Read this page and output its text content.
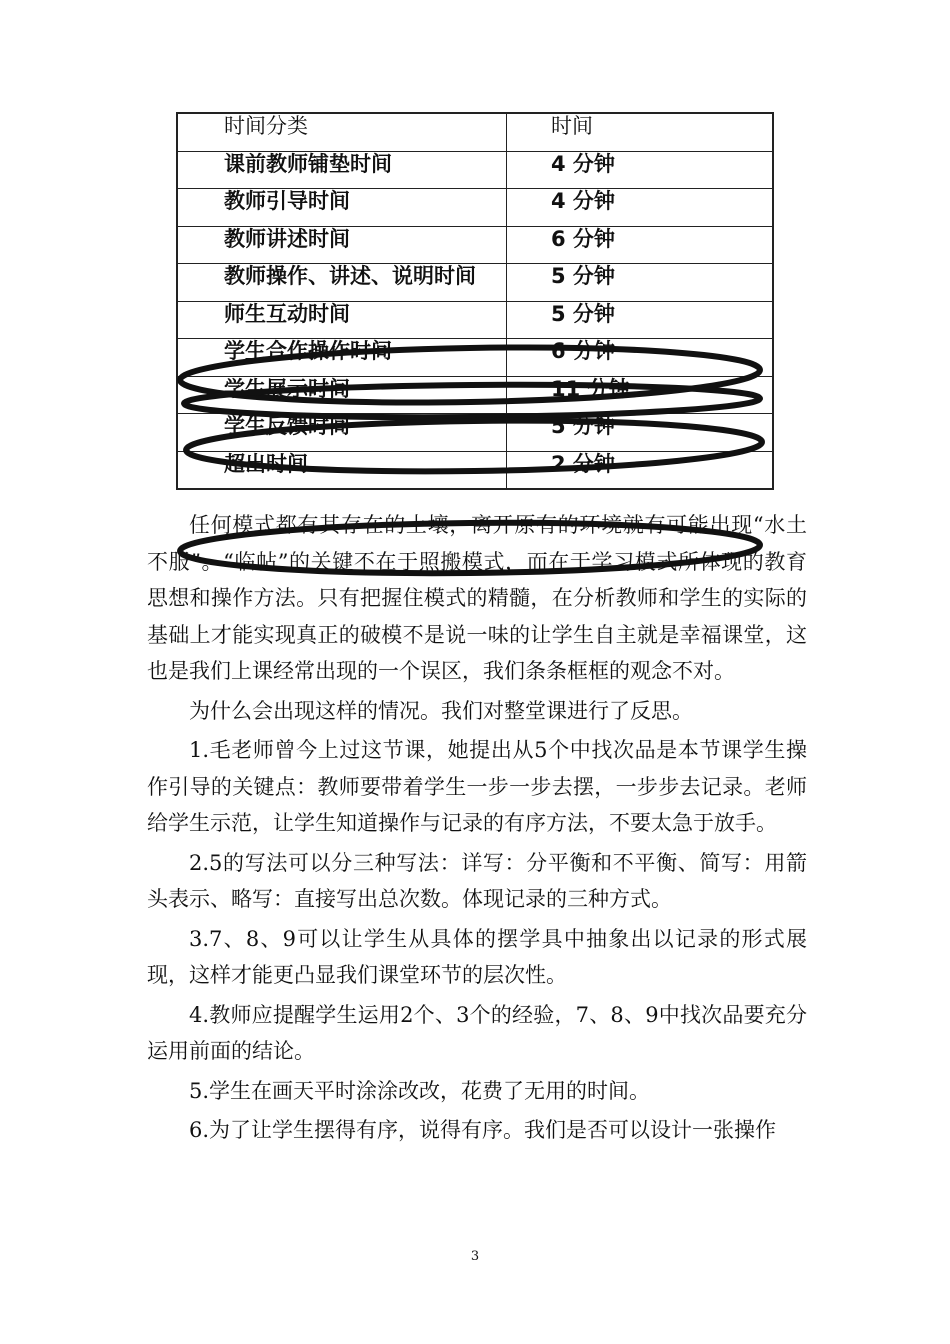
时间分类	时间

课前教师铺垫时间	4 分钟

教师引导时间	4 分钟

教师讲述时间	6 分钟

教师操作、讲述、说明时间	5 分钟

师生互动时间	5 分钟

学生合作操作时间	6 分钟

学生展示时间	11 分钟

学生反馈时间	5 分钟

超出时间	2 分钟

任何模式都有其存在的土壤，离开原有的环境就有可能出现“水土不服”。“临帖”的关键不在于照搬模式，而在于学习模式所体现的教育思想和操作方法。只有把握住模式的精髓，在分析教师和学生的实际的基础上才能实现真正的破模不是说一味的让学生自主就是幸福课堂，这也是我们上课经常出现的一个误区，我们条条框框的观念不对。

为什么会出现这样的情况。我们对整堂课进行了反思。

1.毛老师曾今上过这节课，她提出从5个中找次品是本节课学生操作引导的关键点：教师要带着学生一步一步去摆，一步步去记录。老师给学生示范，让学生知道操作与记录的有序方法，不要太急于放手。

2.5的写法可以分三种写法：详写：分平衡和不平衡、简写：用箭头表示、略写：直接写出总次数。体现记录的三种方式。

3.7、8、9可以让学生从具体的摆学具中抽象出以记录的形式展现，这样才能更凸显我们课堂环节的层次性。

4.教师应提醒学生运用2个、3个的经验，7、8、9中找次品要充分运用前面的结论。

5.学生在画天平时涂涂改改，花费了无用的时间。

6.为了让学生摆得有序，说得有序。我们是否可以设计一张操作

3
